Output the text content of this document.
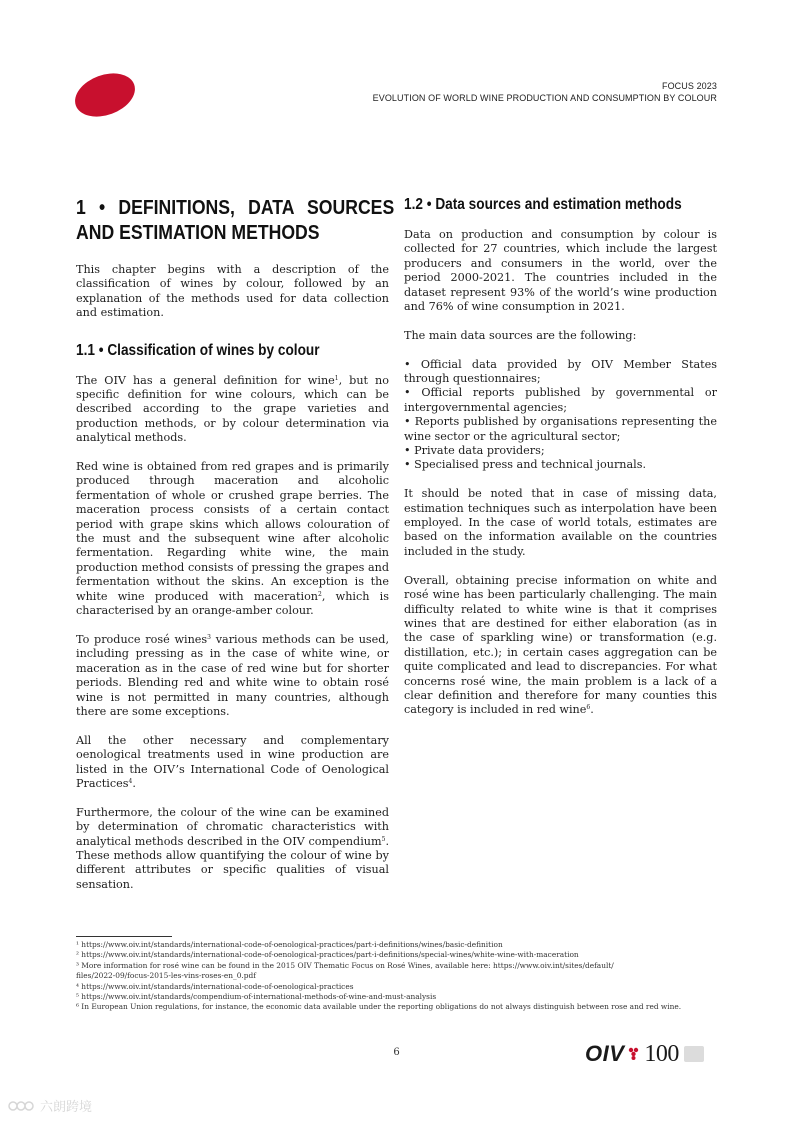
FOCUS 2023
EVOLUTION OF WORLD WINE PRODUCTION AND CONSUMPTION BY COLOUR
1 • DEFINITIONS, DATA SOURCES AND ESTIMATION METHODS

This chapter begins with a description of the classification of wines by colour, followed by an explanation of the methods used for data collection and estimation.

1.1 • Classification of wines by colour

The OIV has a general definition for wine$^1$, but no specific definition for wine colours, which can be described according to the grape varieties and production methods, or by colour determination via analytical methods.

Red wine is obtained from red grapes and is primarily produced through maceration and alcoholic fermentation of whole or crushed grape berries. The maceration process consists of a certain contact period with grape skins which allows colouration of the must and the subsequent wine after alcoholic fermentation. Regarding white wine, the main production method consists of pressing the grapes and fermentation without the skins. An exception is the white wine produced with maceration$^2$, which is characterised by an orange-amber colour.

To produce rosé wines$^3$ various methods can be used, including pressing as in the case of white wine, or maceration as in the case of red wine but for shorter periods. Blending red and white wine to obtain rosé wine is not permitted in many countries, although there are some exceptions.

All the other necessary and complementary oenological treatments used in wine production are listed in the OIV’s International Code of Oenological Practices$^4$.

Furthermore, the colour of the wine can be examined by determination of chromatic characteristics with analytical methods described in the OIV compendium$^5$. These methods allow quantifying the colour of wine by different attributes or specific qualities of visual sensation.

1.2 • Data sources and estimation methods

Data on production and consumption by colour is collected for 27 countries, which include the largest producers and consumers in the world, over the period 2000-2021. The countries included in the dataset represent 93% of the world’s wine production and 76% of wine consumption in 2021.

The main data sources are the following:

• Official data provided by OIV Member States through questionnaires;
• Official reports published by governmental or intergovernmental agencies;
• Reports published by organisations representing the wine sector or the agricultural sector;
• Private data providers;
• Specialised press and technical journals.

It should be noted that in case of missing data, estimation techniques such as interpolation have been employed. In the case of world totals, estimates are based on the information available on the countries included in the study.

Overall, obtaining precise information on white and rosé wine has been particularly challenging. The main difficulty related to white wine is that it comprises wines that are destined for either elaboration (as in the case of sparkling wine) or transformation (e.g. distillation, etc.); in certain cases aggregation can be quite complicated and lead to discrepancies. For what concerns rosé wine, the main problem is a lack of a clear definition and therefore for many counties this category is included in red wine$^6$.

¹ https://www.oiv.int/standards/international-code-of-oenological-practices/part-i-definitions/wines/basic-definition
² https://www.oiv.int/standards/international-code-of-oenological-practices/part-i-definitions/special-wines/white-wine-with-maceration
³ More information for rosé wine can be found in the 2015 OIV Thematic Focus on Rosé Wines, available here: https://www.oiv.int/sites/default/
files/2022-09/focus-2015-les-vins-roses-en_0.pdf
⁴ https://www.oiv.int/standards/international-code-of-oenological-practices
⁵ https://www.oiv.int/standards/compendium-of-international-methods-of-wine-and-must-analysis
⁶ In European Union regulations, for instance, the economic data available under the reporting obligations do not always distinguish between rose and red wine.
6	OIV 100
六朗跨境
